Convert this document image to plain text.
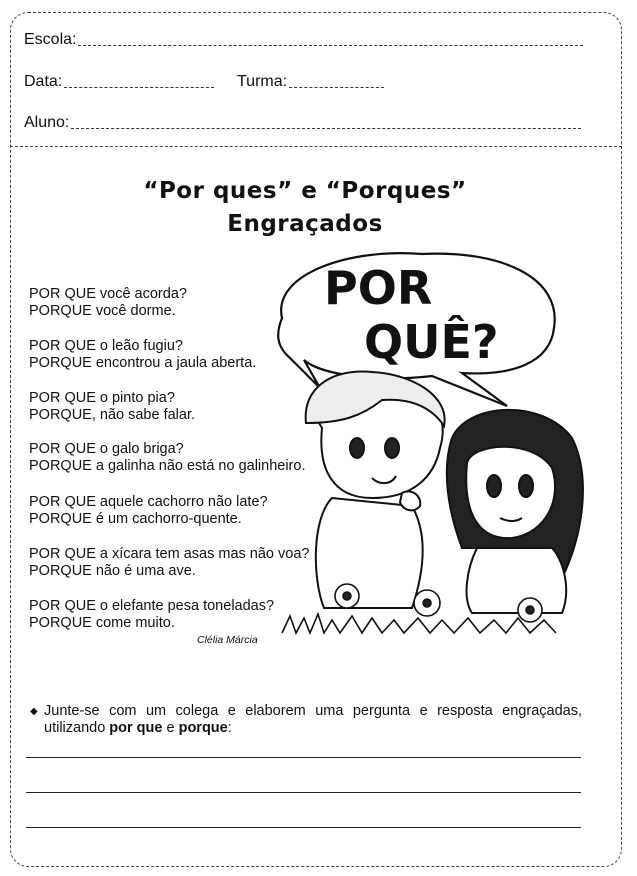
Escola:
Data:	Turma:
Aluno:
“Por ques” e “Porques”
Engraçados
POR QUE você acorda?
PORQUE você dorme.
POR QUE o leão fugiu?
PORQUE encontrou a jaula aberta.
POR QUE o pinto pia?
PORQUE, não sabe falar.
POR QUE o galo briga?
PORQUE a galinha não está no galinheiro.
POR QUE aquele cachorro não late?
PORQUE é um cachorro-quente.
POR QUE a xícara tem asas mas não voa?
PORQUE não é uma ave.
POR QUE o elefante pesa toneladas?
PORQUE come muito.
Clélia Márcia
POR
QUÊ?
◆ Junte-se com um colega e elaborem uma pergunta e resposta engraçadas, utilizando por que e porque:
